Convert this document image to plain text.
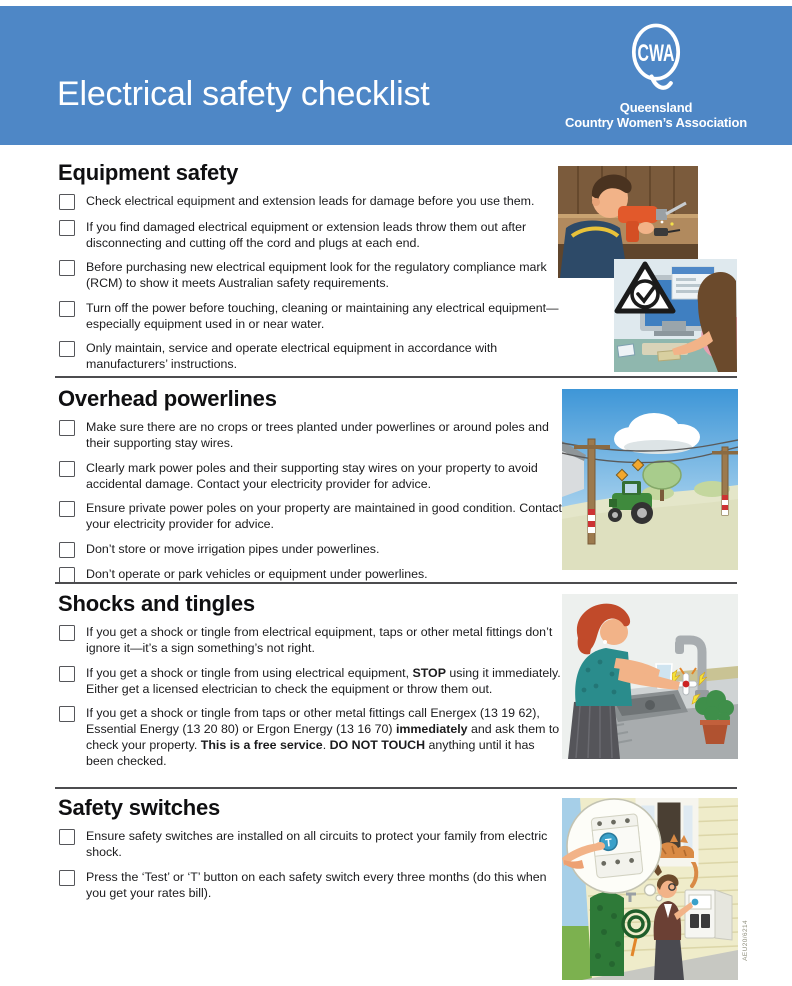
Electrical safety checklist
CWA
Queensland
Country Women’s Association
Equipment safety
Check electrical equipment and extension leads for damage before you use them.
If you find damaged electrical equipment or extension leads throw them out after disconnecting and cutting off the cord and plugs at each end.
Before purchasing new electrical equipment look for the regulatory compliance mark (RCM) to show it meets Australian safety requirements.
Turn off the power before touching, cleaning or maintaining any electrical equipment—especially equipment used in or near water.
Only maintain, service and operate electrical equipment in accordance with manufacturers’ instructions.
Overhead powerlines
Make sure there are no crops or trees planted under powerlines or around poles and their supporting stay wires.
Clearly mark power poles and their supporting stay wires on your property to avoid accidental damage. Contact your electricity provider for advice.
Ensure private power poles on your property are maintained in good condition. Contact your electricity provider for advice.
Don’t store or move irrigation pipes under powerlines.
Don’t operate or park vehicles or equipment under powerlines.
Shocks and tingles
If you get a shock or tingle from electrical equipment, taps or other metal fittings don’t ignore it—it’s a sign something’s not right.
If you get a shock or tingle from using electrical equipment, STOP using it immediately. Either get a licensed electrician to check the equipment or throw them out.
If you get a shock or tingle from taps or other metal fittings call Energex (13 19 62), Essential Energy (13 20 80) or Ergon Energy (13 16 70) immediately and ask them to check your property. This is a free service. DO NOT TOUCH anything until it has been checked.
Safety switches
Ensure safety switches are installed on all circuits to protect your family from electric shock.
Press the ‘Test’ or ‘T’ button on each safety switch every three months (do this when you get your rates bill).
T
AEU20/6214
